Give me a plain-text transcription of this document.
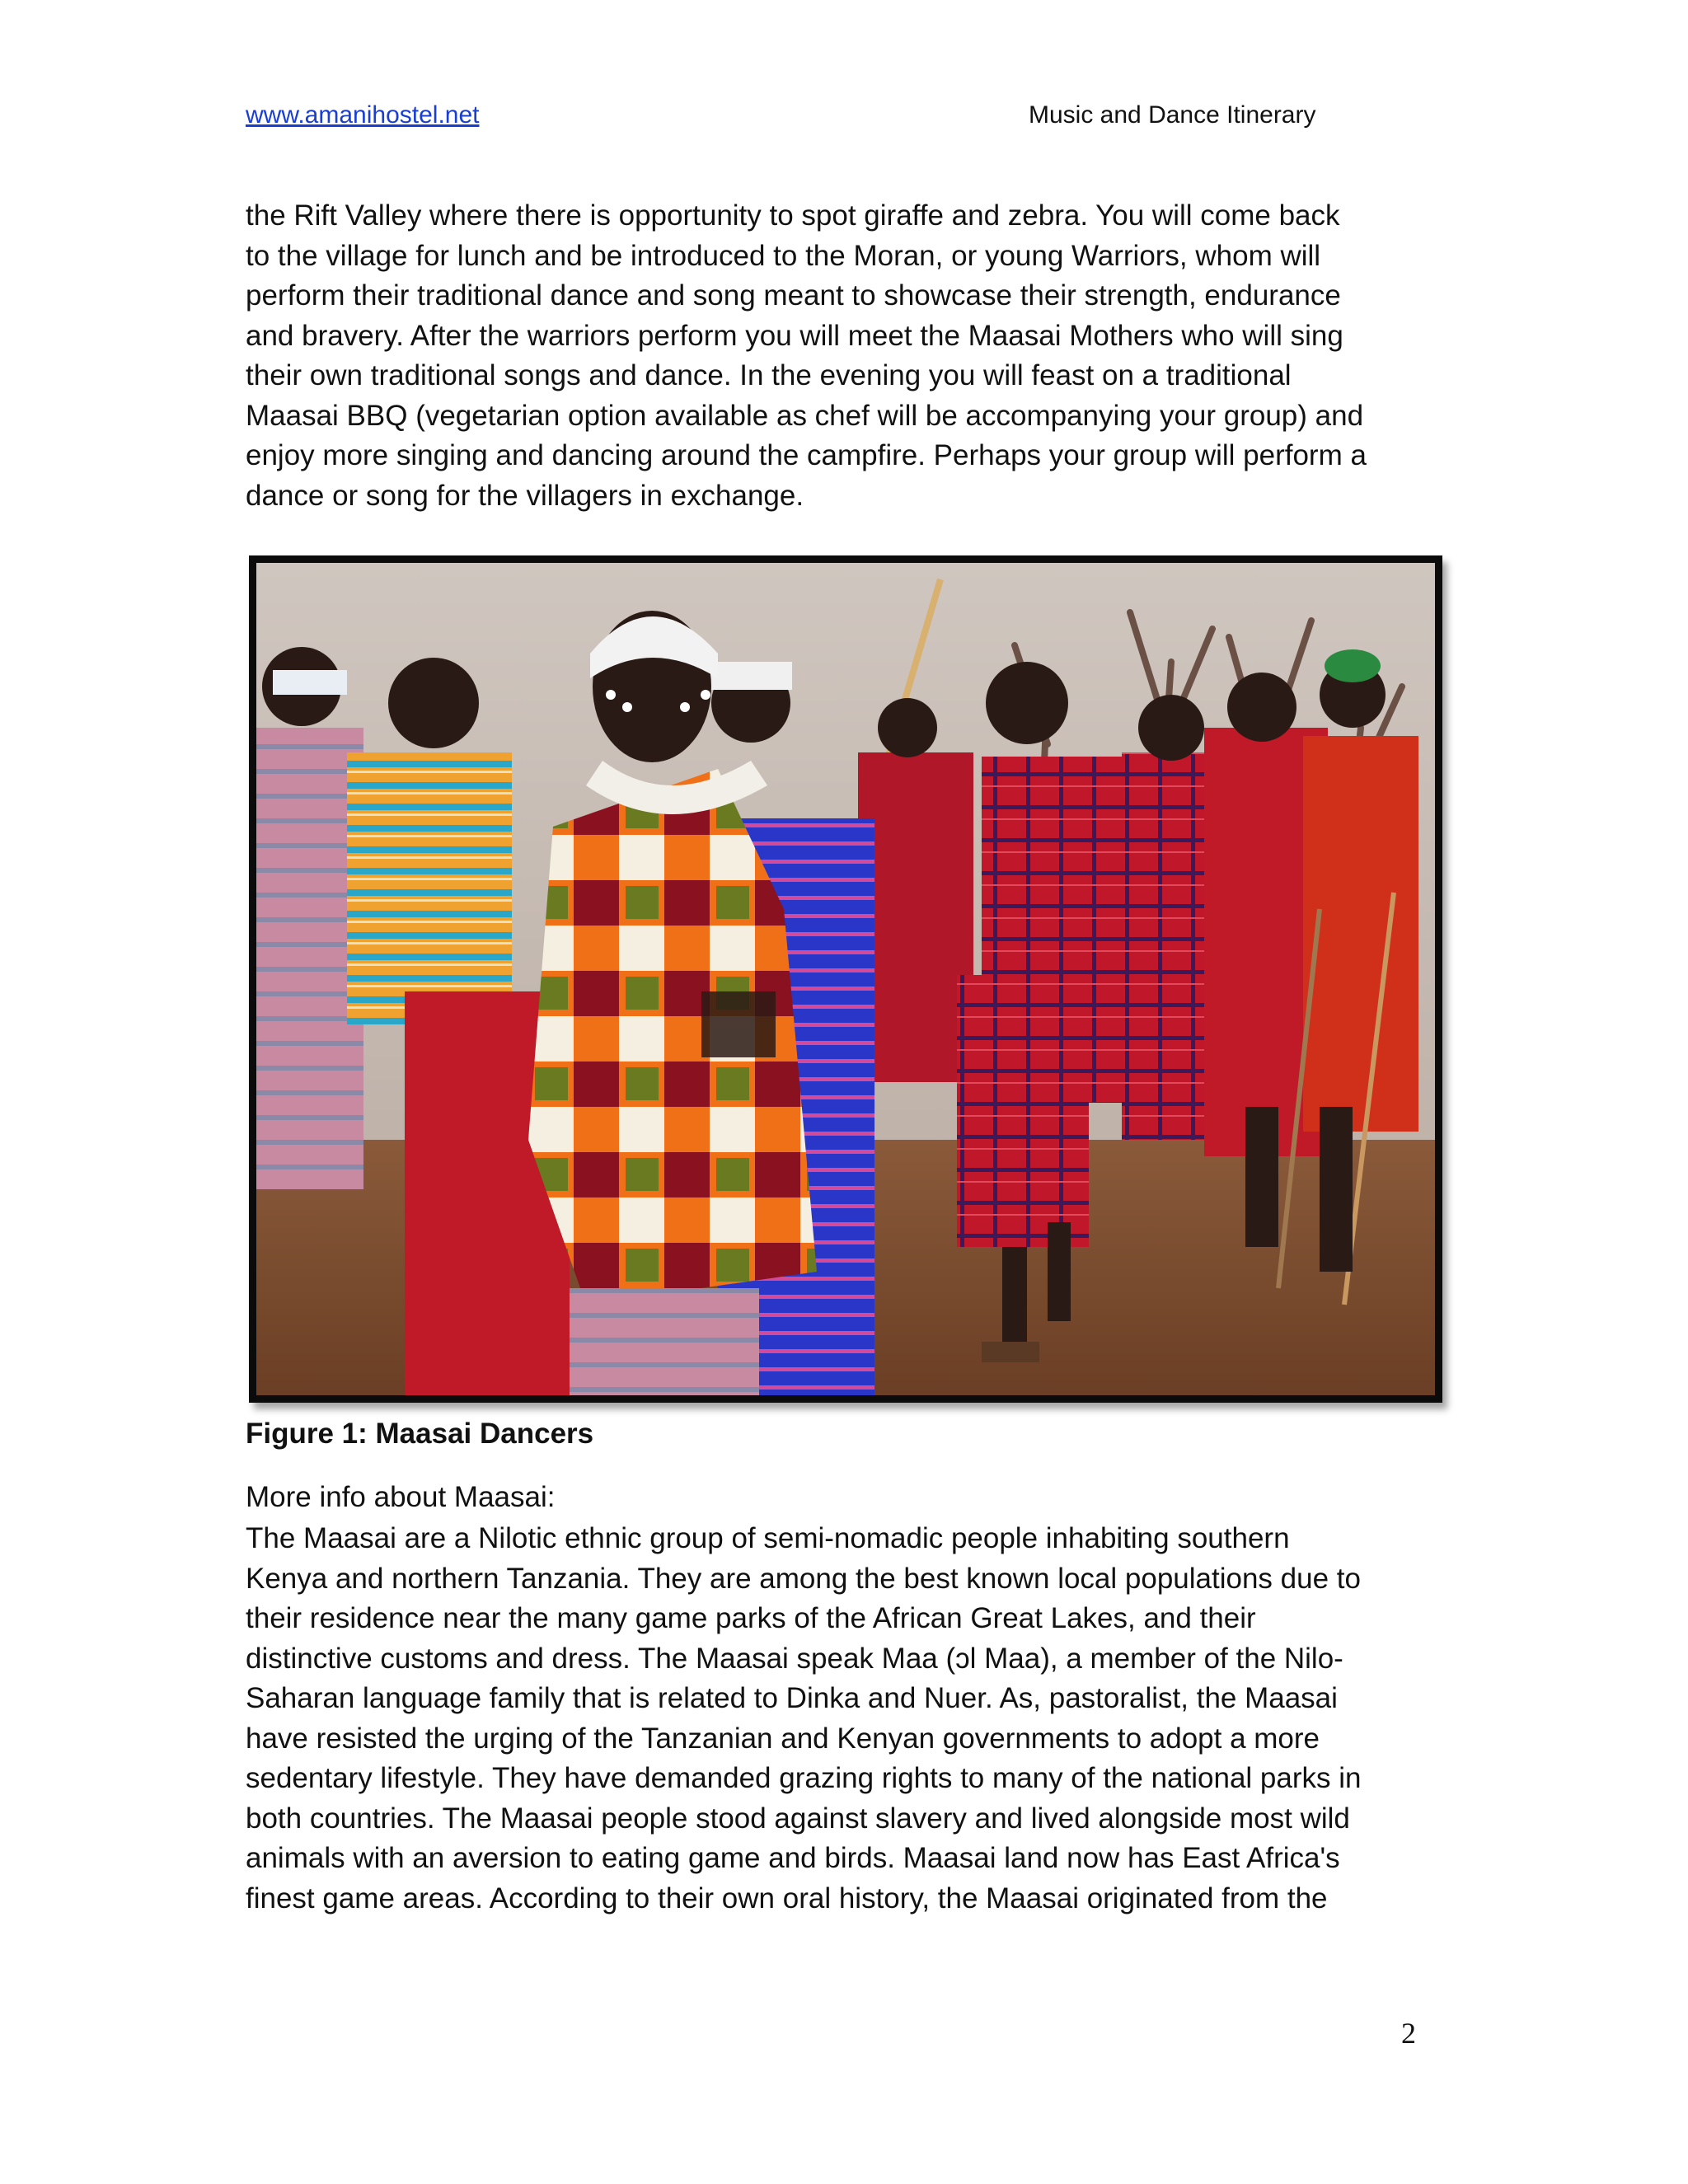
www.amanihostel.net	Music and Dance Itinerary

the Rift Valley where there is opportunity to spot giraffe and zebra. You will come back
to the village for lunch and be introduced to the Moran, or young Warriors, whom will
perform their traditional dance and song meant to showcase their strength, endurance
and bravery. After the warriors perform you will meet the Maasai Mothers who will sing
their own traditional songs and dance. In the evening you will feast on a traditional
Maasai BBQ (vegetarian option available as chef will be accompanying your group) and
enjoy more singing and dancing around the campfire. Perhaps your group will perform a
dance or song for the villagers in exchange.

Figure 1: Maasai Dancers
More info about Maasai:

The Maasai are a Nilotic ethnic group of semi-nomadic people inhabiting southern
Kenya and northern Tanzania. They are among the best known local populations due to
their residence near the many game parks of the African Great Lakes, and their
distinctive customs and dress. The Maasai speak Maa (ɔl Maa), a member of the Nilo-
Saharan language family that is related to Dinka and Nuer. As, pastoralist, the Maasai
have resisted the urging of the Tanzanian and Kenyan governments to adopt a more
sedentary lifestyle. They have demanded grazing rights to many of the national parks in
both countries. The Maasai people stood against slavery and lived alongside most wild
animals with an aversion to eating game and birds. Maasai land now has East Africa's
finest game areas. According to their own oral history, the Maasai originated from the

2
